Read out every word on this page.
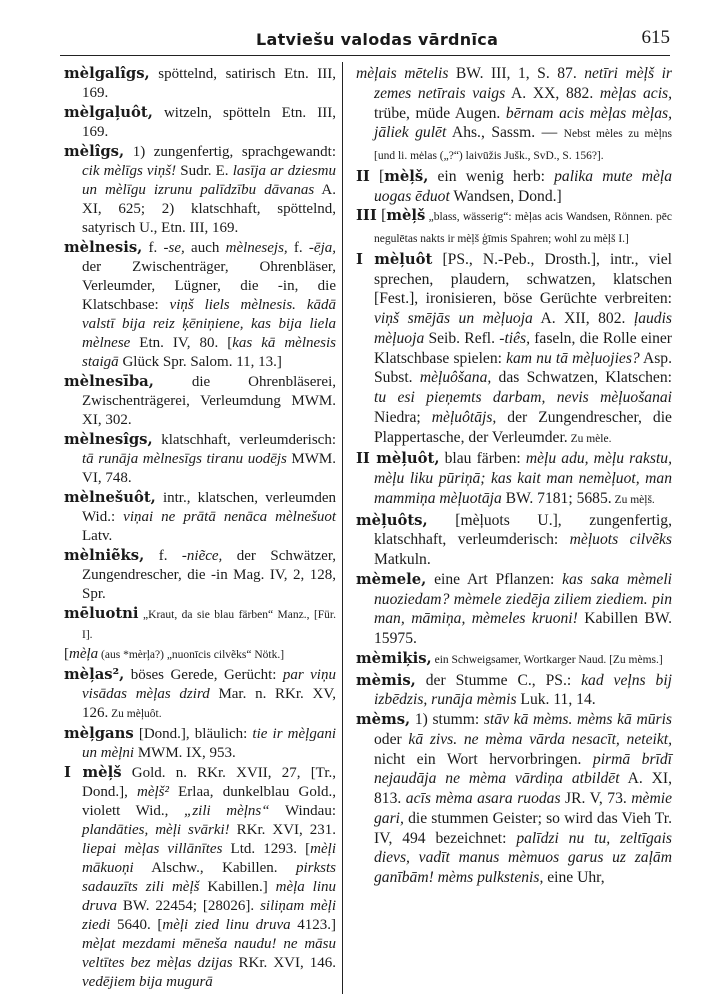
Latviešu valodas vārdnīca	615

mèlgalîgs, spöttelnd, satirisch Etn. III, 169.

mèlgaļuôt, witzeln, spötteln Etn. III, 169.

mèlîgs, 1) zungenfertig, sprachgewandt: cik mèlīgs viņš! Sudr. E. lasīja ar dziesmu un mèlīgu izrunu palīdzību dāvanas A. XI, 625; 2) klatschhaft, spöttelnd, satyrisch U., Etn. III, 169.

mèlnesis, f. -se, auch mèlneseјs, f. -ēja, der Zwischenträger, Ohrenbläser, Verleumder, Lügner, die -in, die Klatschbase: viņš liels mèlnesis. kādā valstī bija reiz ķēniņiene, kas bija liela mèlnese Etn. IV, 80. [kas kā mèlnesis staigā Glück Spr. Salom. 11, 13.]

mèlnesība, die Ohrenbläserei, Zwischenträgerei, Verleumdung MWM. XI, 302.

mèlnesîgs, klatschhaft, verleumderisch: tā runāja mèlnesīgs tiranu uodējs MWM. VI, 748.

mèlnešuôt, intr., klatschen, verleumden Wid.: viņai ne prātā nenāca mèlnešuot Latv.

mèlniẽks, f. -niẽce, der Schwätzer, Zungendrescher, die -in Mag. IV, 2, 128, Spr.

mēluotni „Kraut, da sie blau färben“ Manz., [Für. I].

[mèļa (aus *mèrļa?) „nuonīcis cilvẽks“ Nötk.]

mèļas², böses Gerede, Gerücht: par viņu visādas mèļas dzird Mar. n. RKr. XV, 126. Zu mèļuôt.

mèļgans [Dond.], bläulich: tie ir mèļgani un mèļni MWM. IX, 953.

I mèļš Gold. n. RKr. XVII, 27, [Tr., Dond.], mèļš² Erlaa, dunkelblau Gold., violett Wid., „zili mèļns“ Windau: plandāties, mèļi svārki! RKr. XVI, 231. liepai mèļas villānītes Ltd. 1293. [mèļi mākuoņi Alschw., Kabillen. pirksts sadauzīts zili mèļš Kabillen.] mèļa linu druva BW. 22454; [28026]. siliņam mèļi ziedi 5640. [mèļi zied linu druva 4123.] mèļat mezdami mēneša naudu! ne māsu veltītes bez mèļas dzijas RKr. XVI, 146. vedējiem bija mugurā

mèļais mētelis BW. III, 1, S. 87. netīri mèļš ir zemes netīrais vaigs A. XX, 882. mèļas acis, trübe, müde Augen. bērnam acis mèļas mèļas, jāliek gulēt Ahs., Sassm. — Nebst mèles zu mèļns [und li. mėlas („?“) laivūžis Jušk., SvD., S. 156?].

II [mèļš, ein wenig herb: palika mute mèļa uogas ēduot Wandsen, Dond.]

III [mèļš „blass, wässerig“: mèļas acis Wandsen, Rönnen. pēc negulētas nakts ir mèļš ģīmis Spahren; wohl zu mèļš I.]

I mèļuôt [PS., N.-Peb., Drosth.], intr., viel sprechen, plaudern, schwatzen, klatschen [Fest.], ironisieren, böse Gerüchte verbreiten: viņš smējās un mèļuoja A. XII, 802. ļaudis mèļuoja Seib. Refl. -tiês, faseln, die Rolle einer Klatschbase spielen: kam nu tā mèļuojies? Asp. Subst. mèļuôšana, das Schwatzen, Klatschen: tu esi pieņemts darbam, nevis mèļuošanai Niedra; mèļuôtājs, der Zungendrescher, die Plappertasche, der Verleumder. Zu mèle.

II mèļuôt, blau färben: mèļu adu, mèļu rakstu, mèļu liku pūriņā; kas kait man nemèļuot, man mammiņa mèļuotāja BW. 7181; 5685. Zu mèļš.

mèļuôts, [mèļuots U.], zungenfertig, klatschhaft, verleumderisch: mèļuots cilvẽks Matkuln.

mèmele, eine Art Pflanzen: kas saka mèmeli nuoziedam? mèmele ziedēja ziliem ziediem. pin man, māmiņa, mèmeles kruoni! Kabillen BW. 15975.

mèmiķis, ein Schweigsamer, Wortkarger Naud. [Zu mèms.]

mèmis, der Stumme C., PS.: kad veļns bij izbēdzis, runāja mèmis Luk. 11, 14.

mèms, 1) stumm: stāv kā mèms. mèms kā mūris oder kā zivs. ne mèma vārda nesacīt, neteikt, nicht ein Wort hervorbringen. pirmā brīdī nejaudāja ne mèma vārdiņa atbildēt A. XI, 813. acīs mèma asara ruodas JR. V, 73. mèmie gari, die stummen Geister; so wird das Vieh Tr. IV, 494 bezeichnet: palīdzi nu tu, zeltīgais dievs, vadīt manus mèmuos garus uz zaļām ganībām! mèms pulkstenis, eine Uhr,
